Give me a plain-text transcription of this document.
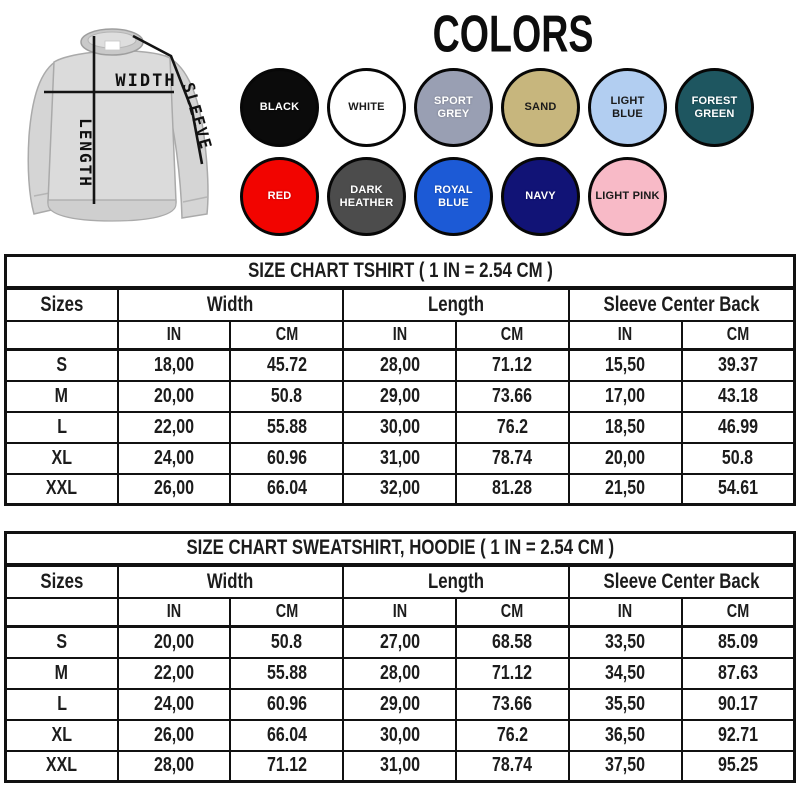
WIDTH
LENGTH
SLEEVE
COLORS
BLACK	WHITE
SPORT GREY
SAND
LIGHT BLUE
FOREST GREEN
RED
DARK HEATHER
ROYAL BLUE
NAVY	LIGHT PINK
SIZE CHART TSHIRT ( 1 IN = 2.54 CM )						
Sizes	Width		Length		Sleeve Center Back	
	IN	CM	IN	CM	IN	CM
S	18,00	45.72	28,00	71.12	15,50	39.37
M	20,00	50.8	29,00	73.66	17,00	43.18
L	22,00	55.88	30,00	76.2	18,50	46.99
XL	24,00	60.96	31,00	78.74	20,00	50.8
XXL	26,00	66.04	32,00	81.28	21,50	54.61
SIZE CHART SWEATSHIRT, HOODIE ( 1 IN = 2.54 CM )						
Sizes	Width		Length		Sleeve Center Back	
	IN	CM	IN	CM	IN	CM
S	20,00	50.8	27,00	68.58	33,50	85.09
M	22,00	55.88	28,00	71.12	34,50	87.63
L	24,00	60.96	29,00	73.66	35,50	90.17
XL	26,00	66.04	30,00	76.2	36,50	92.71
XXL	28,00	71.12	31,00	78.74	37,50	95.25
